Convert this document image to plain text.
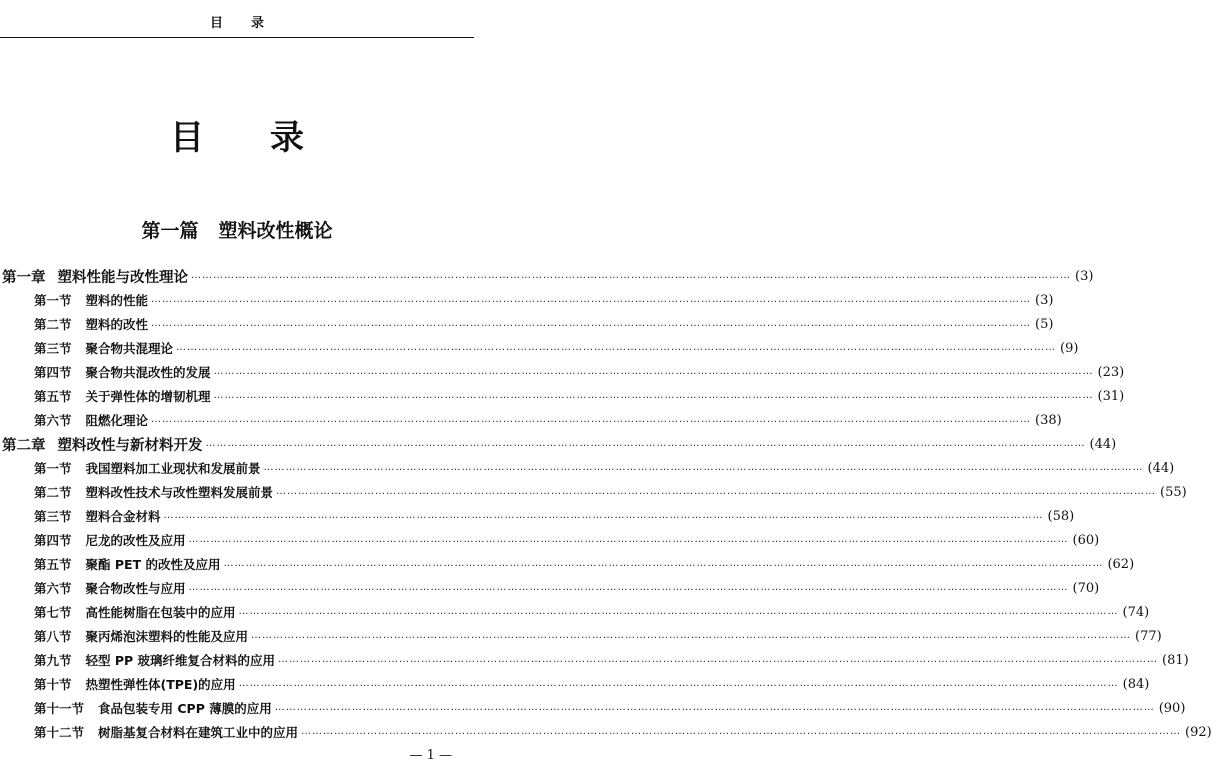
目 录
目 录
第一篇 塑料改性概论
第一章 塑料性能与改性理论 …………………………………………………………………………………………………………………………………………………………………………………………………………………… (3)
第一节 塑料的性能 …………………………………………………………………………………………………………………………………………………………………………………………………………………… (3)
第二节 塑料的改性 …………………………………………………………………………………………………………………………………………………………………………………………………………………… (5)
第三节 聚合物共混理论 …………………………………………………………………………………………………………………………………………………………………………………………………………………… (9)
第四节 聚合物共混改性的发展 …………………………………………………………………………………………………………………………………………………………………………………………………………………… (23)
第五节 关于弹性体的增韧机理 …………………………………………………………………………………………………………………………………………………………………………………………………………………… (31)
第六节 阻燃化理论 …………………………………………………………………………………………………………………………………………………………………………………………………………………… (38)
第二章 塑料改性与新材料开发 …………………………………………………………………………………………………………………………………………………………………………………………………………………… (44)
第一节 我国塑料加工业现状和发展前景 …………………………………………………………………………………………………………………………………………………………………………………………………………………… (44)
第二节 塑料改性技术与改性塑料发展前景 …………………………………………………………………………………………………………………………………………………………………………………………………………………… (55)
第三节 塑料合金材料 …………………………………………………………………………………………………………………………………………………………………………………………………………………… (58)
第四节 尼龙的改性及应用 …………………………………………………………………………………………………………………………………………………………………………………………………………………… (60)
第五节 聚酯 PET 的改性及应用 …………………………………………………………………………………………………………………………………………………………………………………………………………………… (62)
第六节 聚合物改性与应用 …………………………………………………………………………………………………………………………………………………………………………………………………………………… (70)
第七节 高性能树脂在包装中的应用 …………………………………………………………………………………………………………………………………………………………………………………………………………………… (74)
第八节 聚丙烯泡沫塑料的性能及应用 …………………………………………………………………………………………………………………………………………………………………………………………………………………… (77)
第九节 轻型 PP 玻璃纤维复合材料的应用 …………………………………………………………………………………………………………………………………………………………………………………………………………………… (81)
第十节 热塑性弹性体(TPE)的应用 …………………………………………………………………………………………………………………………………………………………………………………………………………………… (84)
第十一节 食品包装专用 CPP 薄膜的应用 …………………………………………………………………………………………………………………………………………………………………………………………………………………… (90)
第十二节 树脂基复合材料在建筑工业中的应用 …………………………………………………………………………………………………………………………………………………………………………………………………………………… (92)
— 1 —
